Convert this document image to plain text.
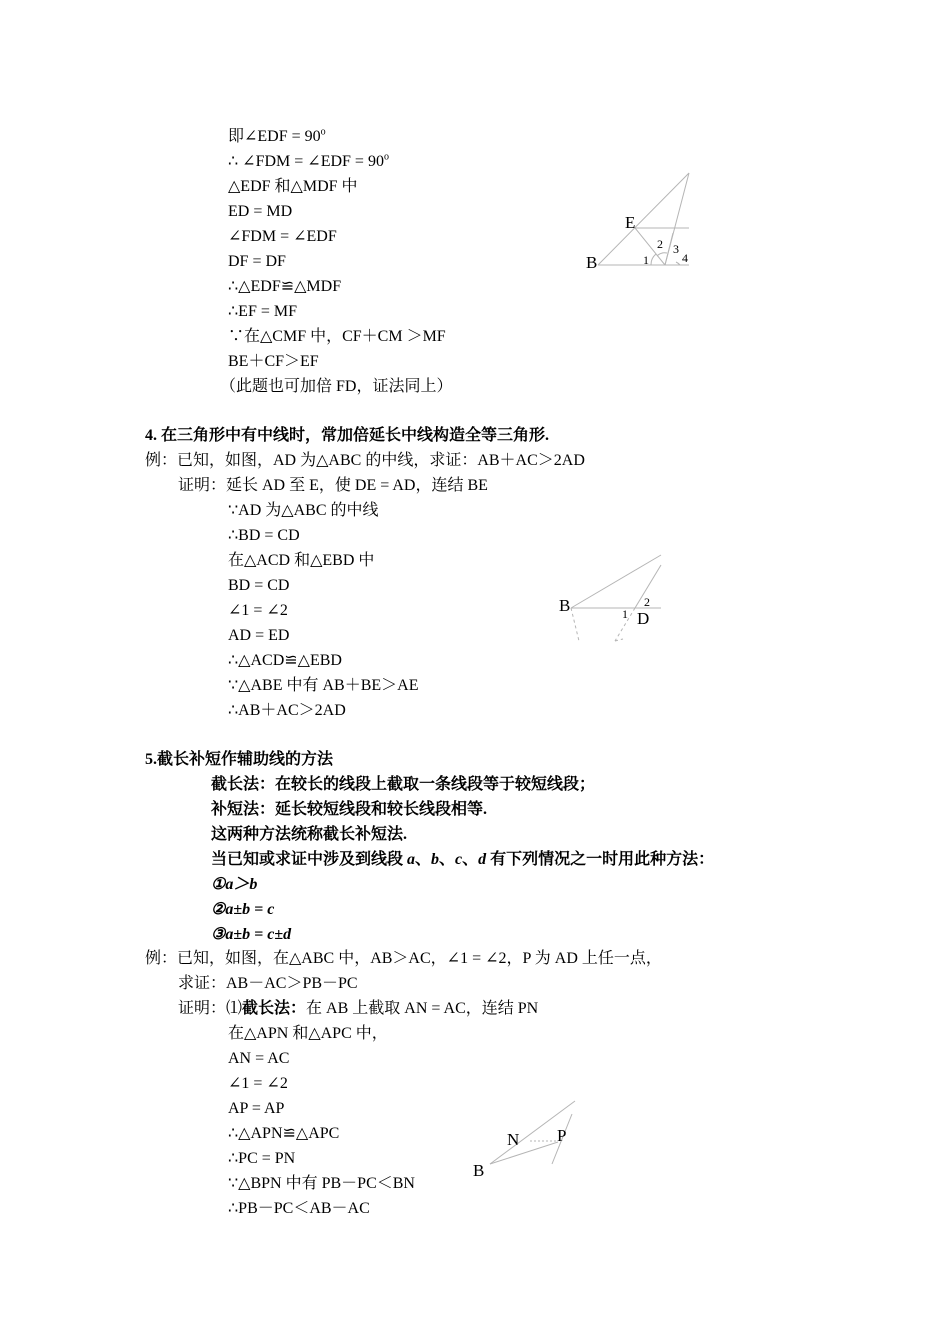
即∠EDF = $90^o$
∴ ∠FDM = ∠EDF = $90^o$
△EDF 和△MDF 中
ED = MD
∠FDM = ∠EDF
DF = DF
∴△EDF≌△MDF
∴EF = MF
∵在△CMF 中，CF＋CM ＞MF
BE＋CF＞EF
（此题也可加倍 FD，证法同上）
E
B	1
2 3
4
4. 在三角形中有中线时，常加倍延长中线构造全等三角形.
例：已知，如图，AD 为△ABC 的中线，求证：AB＋AC＞2AD
证明：延长 AD 至 E，使 DE = AD，连结 BE
∵AD 为△ABC 的中线
∴BD = CD
在△ACD 和△EBD 中
BD = CD
∠1 = ∠2
AD = ED
∴△ACD≌△EBD
∵△ABE 中有 AB＋BE＞AE
∴AB＋AC＞2AD
B	1
2
D
5.截长补短作辅助线的方法
截长法：在较长的线段上截取一条线段等于较短线段；
补短法：延长较短线段和较长线段相等.
这两种方法统称截长补短法.
当已知或求证中涉及到线段 a、b、c、d 有下列情况之一时用此种方法：
①a＞b
②a±b = c
③a±b = c±d
例：已知，如图，在△ABC 中，AB＞AC，∠1 = ∠2，P 为 AD 上任一点，
求证：AB－AC＞PB－PC
证明：⑴截长法：在 AB 上截取 AN = AC，连结 PN
在△APN 和△APC 中，
AN = AC
∠1 = ∠2
AP = AP
∴△APN≌△APC
∴PC = PN
∵△BPN 中有 PB－PC＜BN
∴PB－PC＜AB－AC
N P
B
